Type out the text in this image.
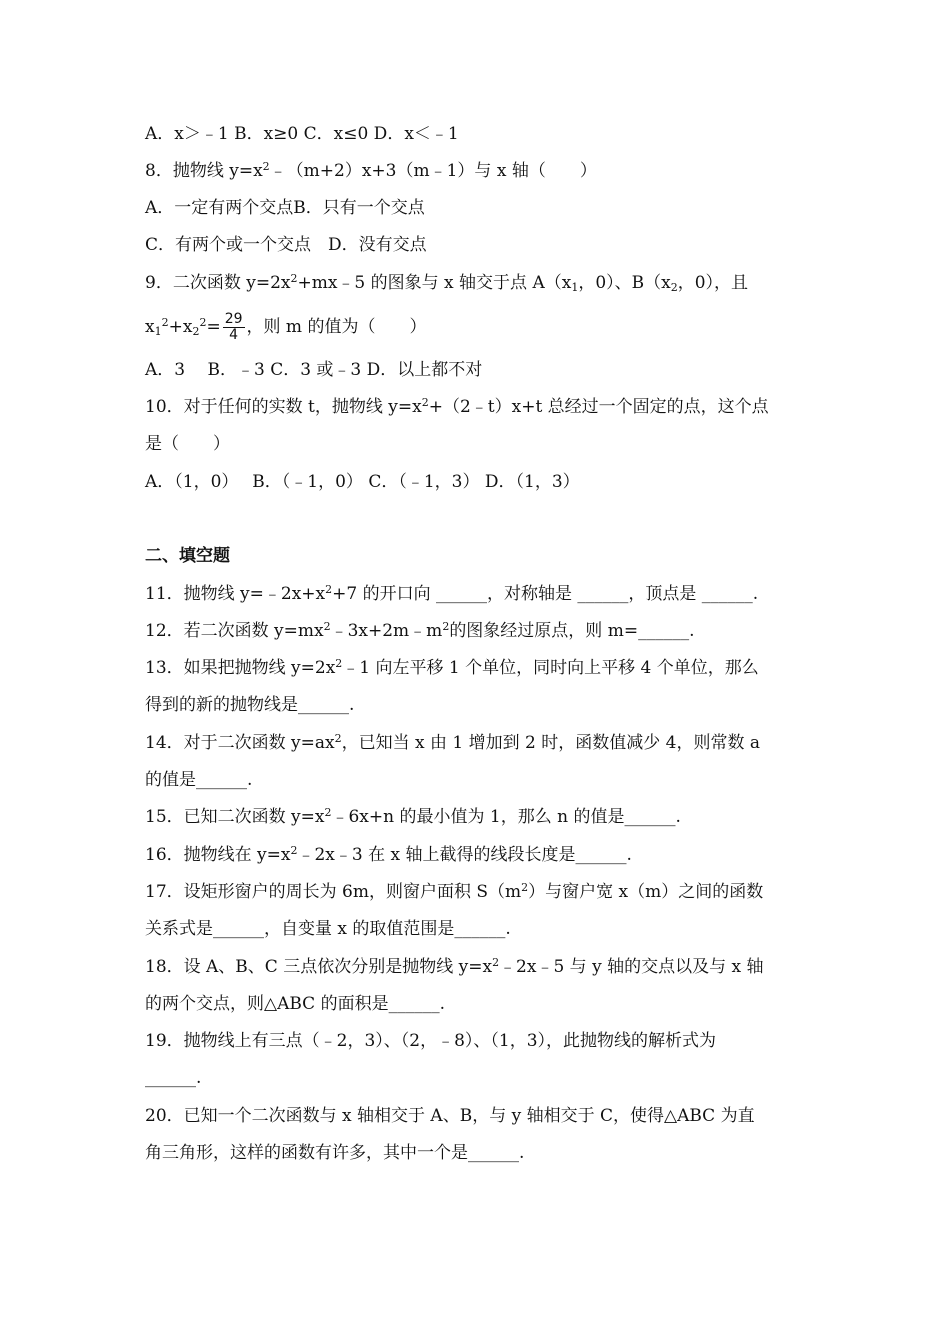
A．x＞﹣1 B．x≥0 C．x≤0 D．x＜﹣1
8．抛物线 $y=x^2﹣(m+2)x+3(m﹣1)$与 x 轴（　　）
A．一定有两个交点B．只有一个交点
C．有两个或一个交点　D．没有交点
9．二次函数 $y=2x^2+mx﹣5$ 的图象与 x 轴交于点 $A(x_1$，0）、$B(x_2$，0），且
$x_1^2+x_2^2= \frac{29}{4}$ ，则 m 的值为（　　）
A．3　 B．﹣3 C．3 或﹣3 D．以上都不对
10．对于任何的实数 t，抛物线 $y=x^2+(2﹣t)x+t$ 总经过一个固定的点，这个点
是（　　）
A．（1，0）　 B．（﹣1，0） C．（﹣1，3） D．（1，3）
二、填空题
11．抛物线 $y=﹣2x+x^2+7$ 的开口向 ______，对称轴是 ______，顶点是 ______.
12．若二次函数 $y=mx^2﹣3x+2m﹣m^2$的图象经过原点，则 m=______.
13．如果把抛物线 $y=2x^2﹣1$ 向左平移 1 个单位，同时向上平移 4 个单位，那么
得到的新的抛物线是______.
14．对于二次函数 $y=ax^2$，已知当 x 由 1 增加到 2 时，函数值减少 4，则常数 a
的值是______.
15．已知二次函数 $y=x^2﹣6x+n$ 的最小值为 1，那么 n 的值是______.
16．抛物线在 $y=x^2﹣2x﹣3$ 在 x 轴上截得的线段长度是______.
17．设矩形窗户的周长为 6m，则窗户面积 $S(m^2)$与窗户宽 x（m）之间的函数
关系式是______，自变量 x 的取值范围是______.
18．设 A、B、C 三点依次分别是抛物线 $y=x^2﹣2x﹣5$ 与 y 轴的交点以及与 x 轴
的两个交点，则△ABC 的面积是______.
19．抛物线上有三点（﹣2，3）、（2，﹣8）、（1，3），此抛物线的解析式为
______.
20．已知一个二次函数与 x 轴相交于 A、B，与 y 轴相交于 C，使得△ABC 为直
角三角形，这样的函数有许多，其中一个是______.
